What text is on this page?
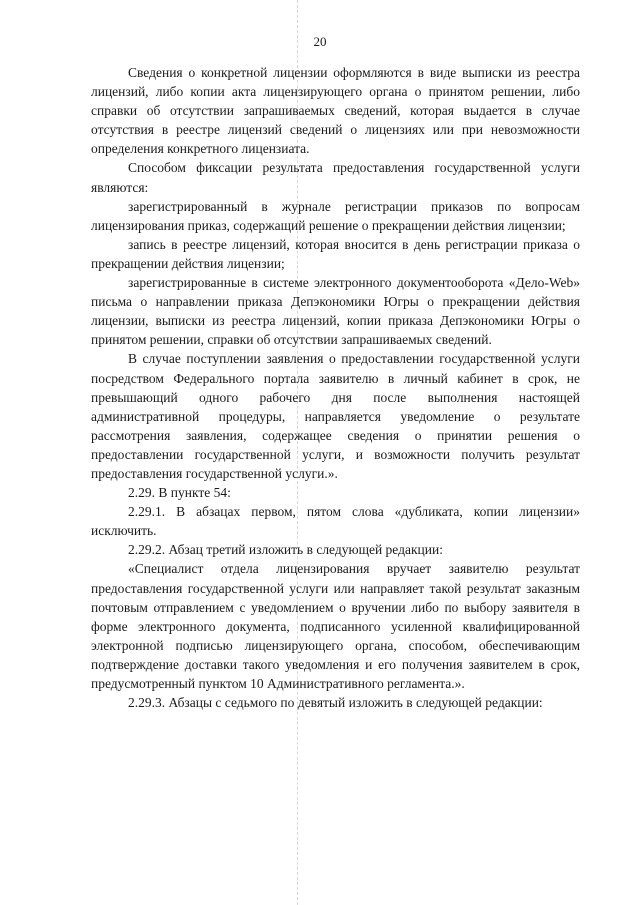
20

Сведения о конкретной лицензии оформляются в виде выписки из реестра лицензий, либо копии акта лицензирующего органа о принятом решении, либо справки об отсутствии запрашиваемых сведений, которая выдается в случае отсутствия в реестре лицензий сведений о лицензиях или при невозможности определения конкретного лицензиата.

Способом фиксации результата предоставления государственной услуги являются:

зарегистрированный в журнале регистрации приказов по вопросам лицензирования приказ, содержащий решение о прекращении действия лицензии;

запись в реестре лицензий, которая вносится в день регистрации приказа о прекращении действия лицензии;

зарегистрированные в системе электронного документооборота «Дело-Web» письма о направлении приказа Депэкономики Югры о прекращении действия лицензии, выписки из реестра лицензий, копии приказа Депэкономики Югры о принятом решении, справки об отсутствии запрашиваемых сведений.

В случае поступлении заявления о предоставлении государственной услуги посредством Федерального портала заявителю в личный кабинет в срок, не превышающий одного рабочего дня после выполнения настоящей административной процедуры, направляется уведомление о результате рассмотрения заявления, содержащее сведения о принятии решения о предоставлении государственной услуги, и возможности получить результат предоставления государственной услуги.».

2.29. В пункте 54:

2.29.1. В абзацах первом, пятом слова «дубликата, копии лицензии» исключить.

2.29.2. Абзац третий изложить в следующей редакции:

«Специалист отдела лицензирования вручает заявителю результат предоставления государственной услуги или направляет такой результат заказным почтовым отправлением с уведомлением о вручении либо по выбору заявителя в форме электронного документа, подписанного усиленной квалифицированной электронной подписью лицензирующего органа, способом, обеспечивающим подтверждение доставки такого уведомления и его получения заявителем в срок, предусмотренный пунктом 10 Административного регламента.».

2.29.3. Абзацы с седьмого по девятый изложить в следующей редакции:
